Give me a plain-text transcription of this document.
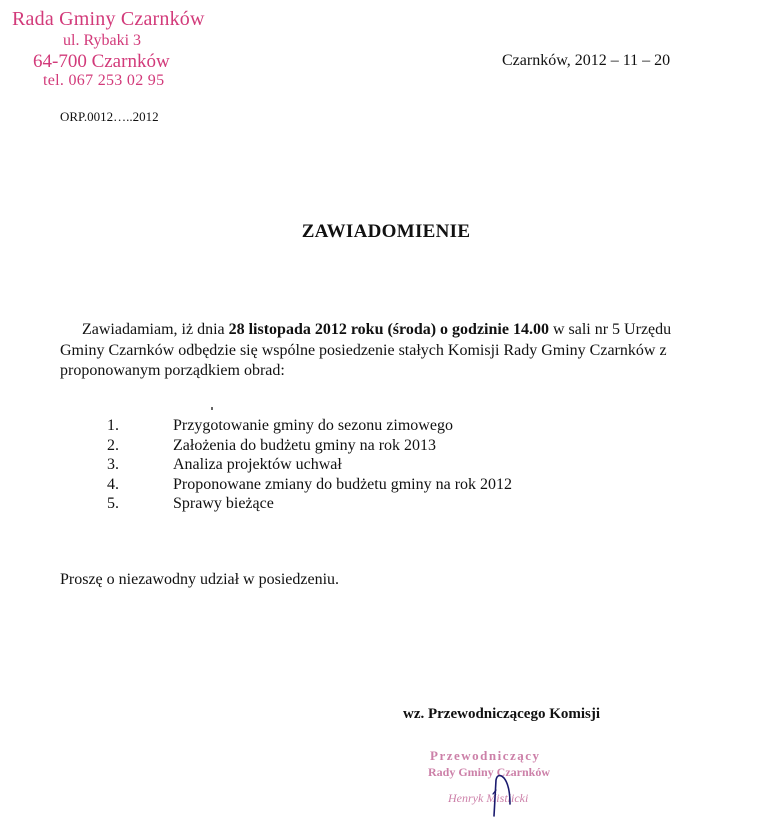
Rada Gminy Czarnków
ul. Rybaki 3
64-700 Czarnków
tel. 067 253 02 95
Czarnków, 2012 – 11 – 20
ORP.0012…..2012
ZAWIADOMIENIE
Zawiadamiam, iż dnia 28 listopada 2012 roku (środa) o godzinie 14.00 w sali nr 5 Urzędu
Gminy Czarnków odbędzie się wspólne posiedzenie stałych Komisji Rady Gminy Czarnków z
proponowanym porządkiem obrad:
1.	Przygotowanie gminy do sezonu zimowego
2.	Założenia do budżetu gminy na rok 2013
3.	Analiza projektów uchwał
4.	Proponowane zmiany do budżetu gminy na rok 2012
5.	Sprawy bieżące
Proszę o niezawodny udział w posiedzeniu.
wz. Przewodniczącego Komisji
Przewodniczący
Rady Gminy Czarnków
Henryk Mistlicki
